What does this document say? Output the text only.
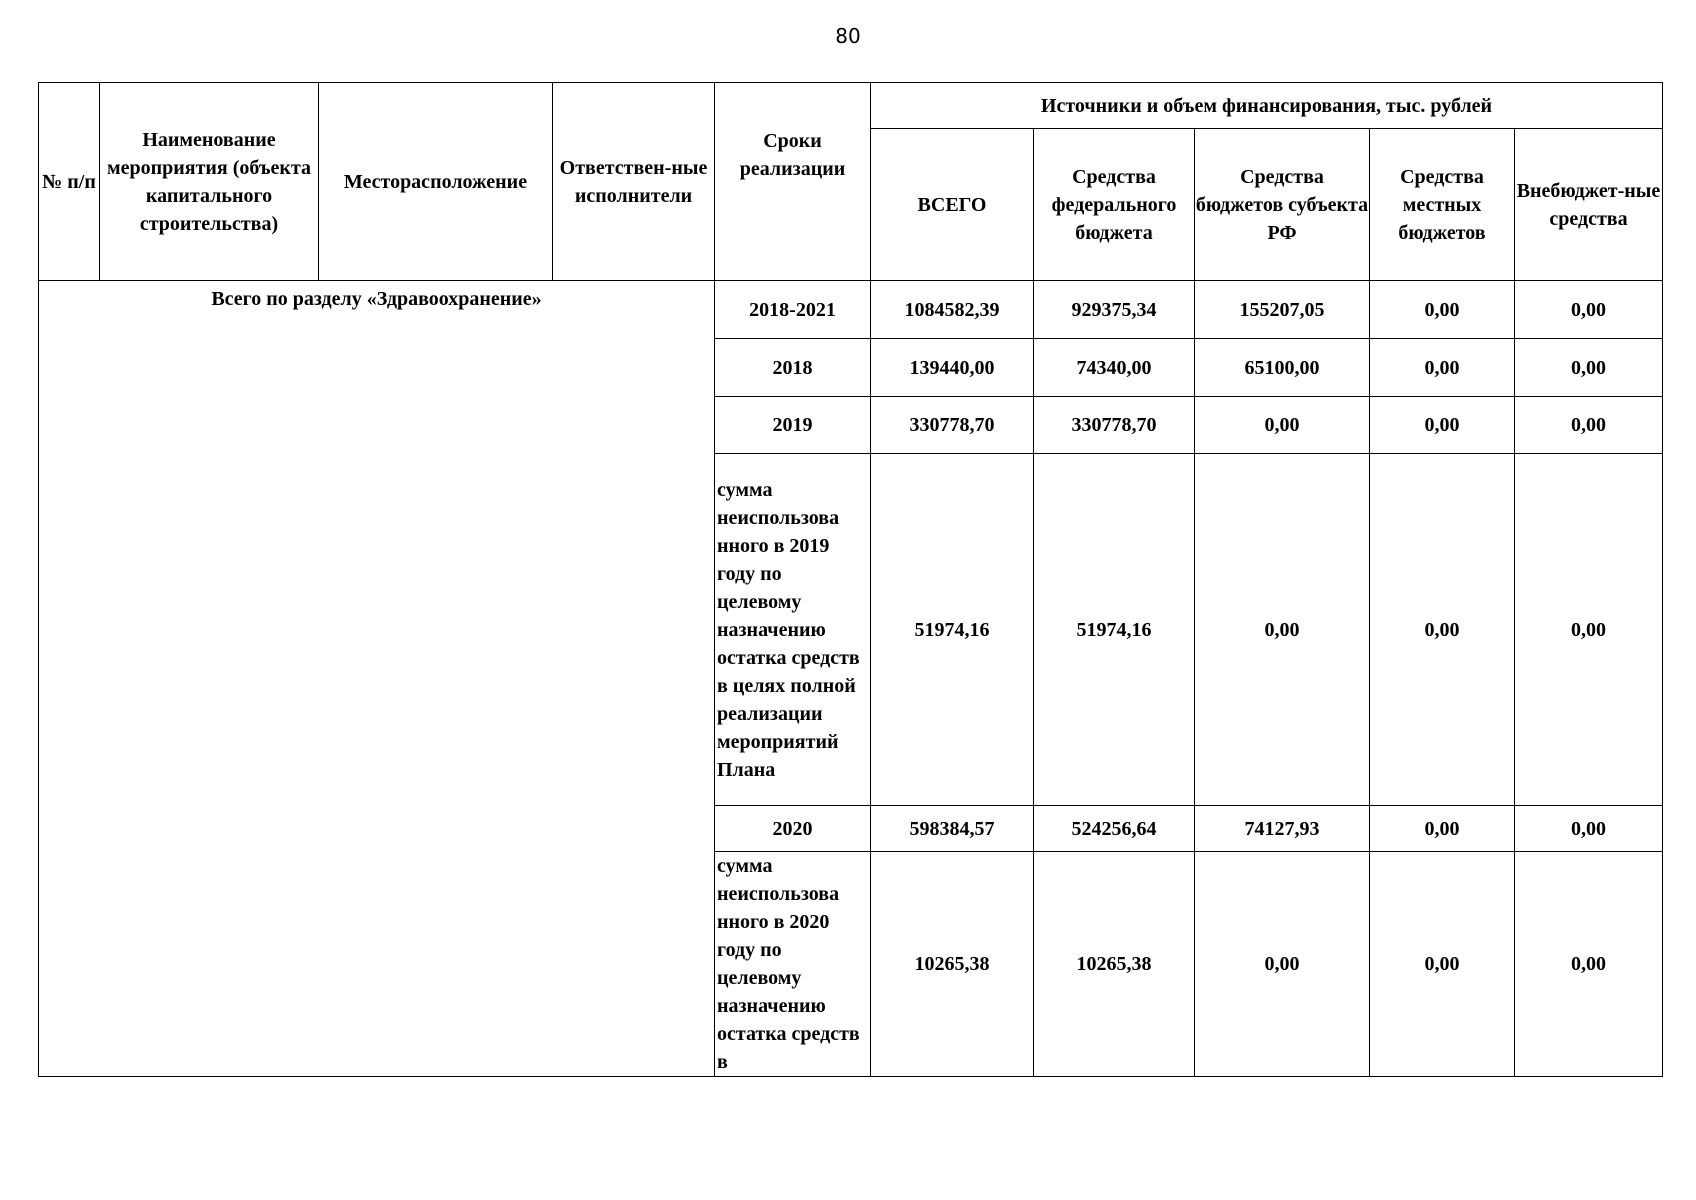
80
№ п/п	Наименование мероприятия (объекта капитального строительства)	Месторасположение	Ответствен-ные исполнители	Сроки реализации	Источники и объем финансирования, тыс. рублей				
					ВСЕГО	Средства федерального бюджета	Средства бюджетов субъекта РФ	Средства местных бюджетов	Внебюджет-ные средства
Всего по разделу «Здравоохранение»				2018-2021	1084582,39	929375,34	155207,05	0,00	0,00
				2018	139440,00	74340,00	65100,00	0,00	0,00
				2019	330778,70	330778,70	0,00	0,00	0,00
				сумма неиспользова нного в 2019 году по целевому назначению остатка средств в целях полной реализации мероприятий Плана	51974,16	51974,16	0,00	0,00	0,00
				2020	598384,57	524256,64	74127,93	0,00	0,00
				сумма неиспользова нного в 2020 году по целевому назначению остатка средств в	10265,38	10265,38	0,00	0,00	0,00
